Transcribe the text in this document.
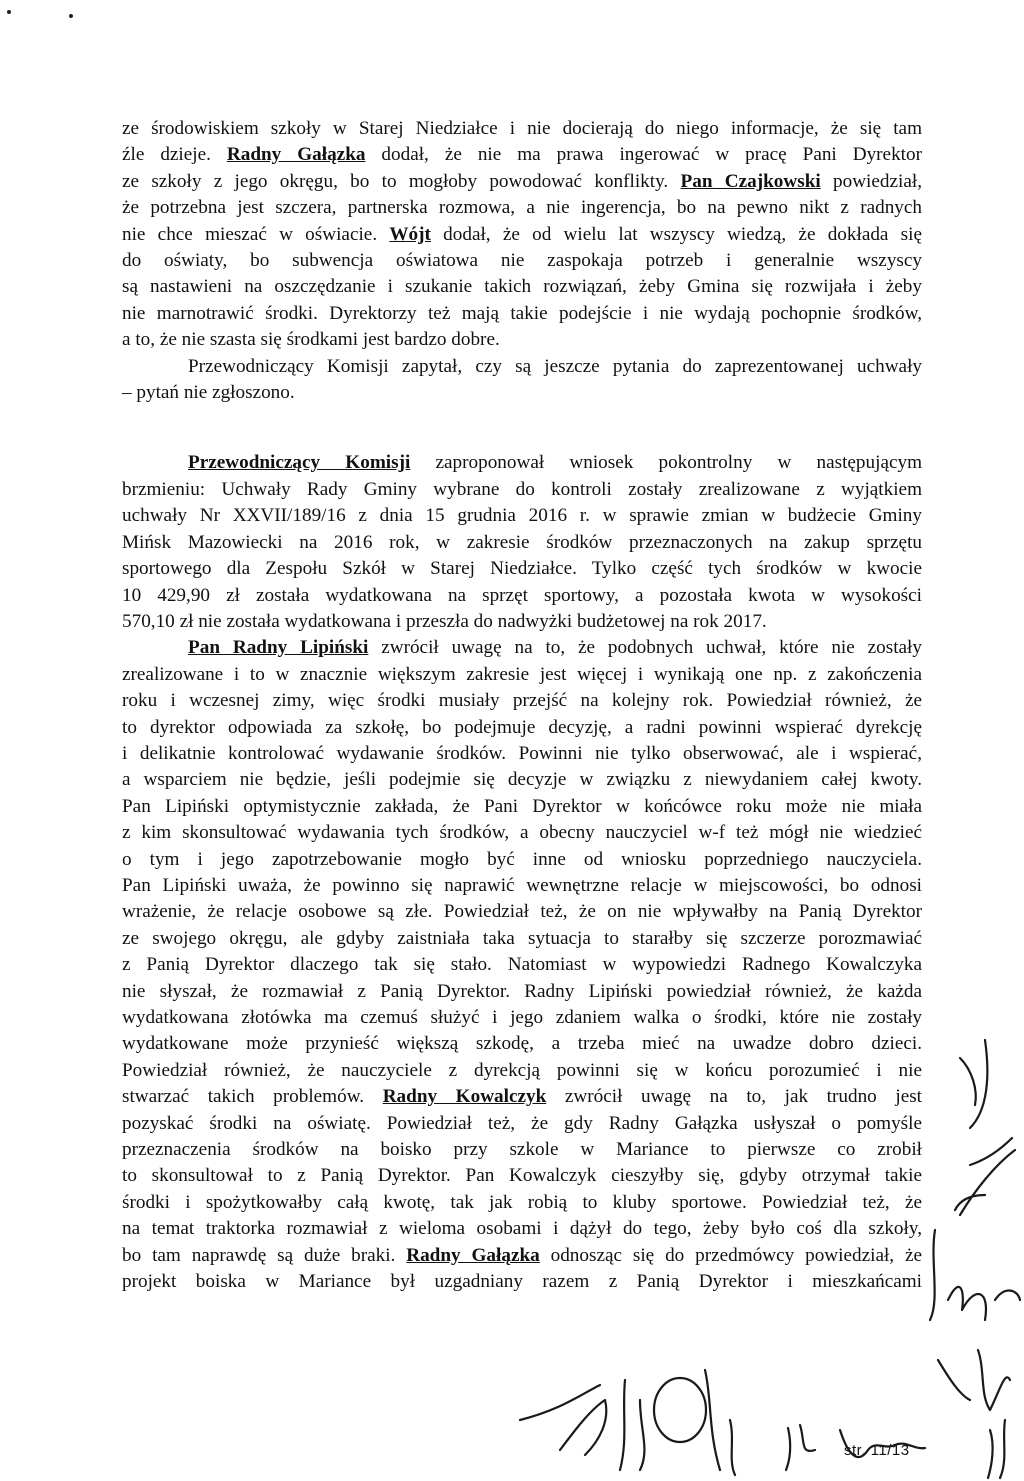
ze środowiskiem szkoły w Starej Niedziałce i nie docierają do niego informacje, że się tam
źle dzieje. Radny Gałązka dodał, że nie ma prawa ingerować w pracę Pani Dyrektor
ze szkoły z jego okręgu, bo to mogłoby powodować konflikty. Pan Czajkowski powiedział,
że potrzebna jest szczera, partnerska rozmowa, a nie ingerencja, bo na pewno nikt z radnych
nie chce mieszać w oświacie. Wójt dodał, że od wielu lat wszyscy wiedzą, że dokłada się
do oświaty, bo subwencja oświatowa nie zaspokaja potrzeb i generalnie wszyscy
są nastawieni na oszczędzanie i szukanie takich rozwiązań, żeby Gmina się rozwijała i żeby
nie marnotrawić środki. Dyrektorzy też mają takie podejście i nie wydają pochopnie środków,
a to, że nie szasta się środkami jest bardzo dobre.
Przewodniczący Komisji zapytał, czy są jeszcze pytania do zaprezentowanej uchwały
– pytań nie zgłoszono.
Przewodniczący Komisji zaproponował wniosek pokontrolny w następującym
brzmieniu: Uchwały Rady Gminy wybrane do kontroli zostały zrealizowane z wyjątkiem
uchwały Nr XXVII/189/16 z dnia 15 grudnia 2016 r. w sprawie zmian w budżecie Gminy
Mińsk Mazowiecki na 2016 rok, w zakresie środków przeznaczonych na zakup sprzętu
sportowego dla Zespołu Szkół w Starej Niedziałce. Tylko część tych środków w kwocie
10 429,90 zł została wydatkowana na sprzęt sportowy, a pozostała kwota w wysokości
570,10 zł nie została wydatkowana i przeszła do nadwyżki budżetowej na rok 2017.
Pan Radny Lipiński zwrócił uwagę na to, że podobnych uchwał, które nie zostały
zrealizowane i to w znacznie większym zakresie jest więcej i wynikają one np. z zakończenia
roku i wczesnej zimy, więc środki musiały przejść na kolejny rok. Powiedział również, że
to dyrektor odpowiada za szkołę, bo podejmuje decyzję, a radni powinni wspierać dyrekcję
i delikatnie kontrolować wydawanie środków. Powinni nie tylko obserwować, ale i wspierać,
a wsparciem nie będzie, jeśli podejmie się decyzje w związku z niewydaniem całej kwoty.
Pan Lipiński optymistycznie zakłada, że Pani Dyrektor w końcówce roku może nie miała
z kim skonsultować wydawania tych środków, a obecny nauczyciel w-f też mógł nie wiedzieć
o tym i jego zapotrzebowanie mogło być inne od wniosku poprzedniego nauczyciela.
Pan Lipiński uważa, że powinno się naprawić wewnętrzne relacje w miejscowości, bo odnosi
wrażenie, że relacje osobowe są złe. Powiedział też, że on nie wpływałby na Panią Dyrektor
ze swojego okręgu, ale gdyby zaistniała taka sytuacja to starałby się szczerze porozmawiać
z Panią Dyrektor dlaczego tak się stało. Natomiast w wypowiedzi Radnego Kowalczyka
nie słyszał, że rozmawiał z Panią Dyrektor. Radny Lipiński powiedział również, że każda
wydatkowana złotówka ma czemuś służyć i jego zdaniem walka o środki, które nie zostały
wydatkowane może przynieść większą szkodę, a trzeba mieć na uwadze dobro dzieci.
Powiedział również, że nauczyciele z dyrekcją powinni się w końcu porozumieć i nie
stwarzać takich problemów. Radny Kowalczyk zwrócił uwagę na to, jak trudno jest
pozyskać środki na oświatę. Powiedział też, że gdy Radny Gałązka usłyszał o pomyśle
przeznaczenia środków na boisko przy szkole w Mariance to pierwsze co zrobił
to skonsultował to z Panią Dyrektor. Pan Kowalczyk cieszyłby się, gdyby otrzymał takie
środki i spożytkowałby całą kwotę, tak jak robią to kluby sportowe. Powiedział też, że
na temat traktorka rozmawiał z wieloma osobami i dążył do tego, żeby było coś dla szkoły,
bo tam naprawdę są duże braki. Radny Gałązka odnosząc się do przedmówcy powiedział, że
projekt boiska w Mariance był uzgadniany razem z Panią Dyrektor i mieszkańcami
str. 11/13
